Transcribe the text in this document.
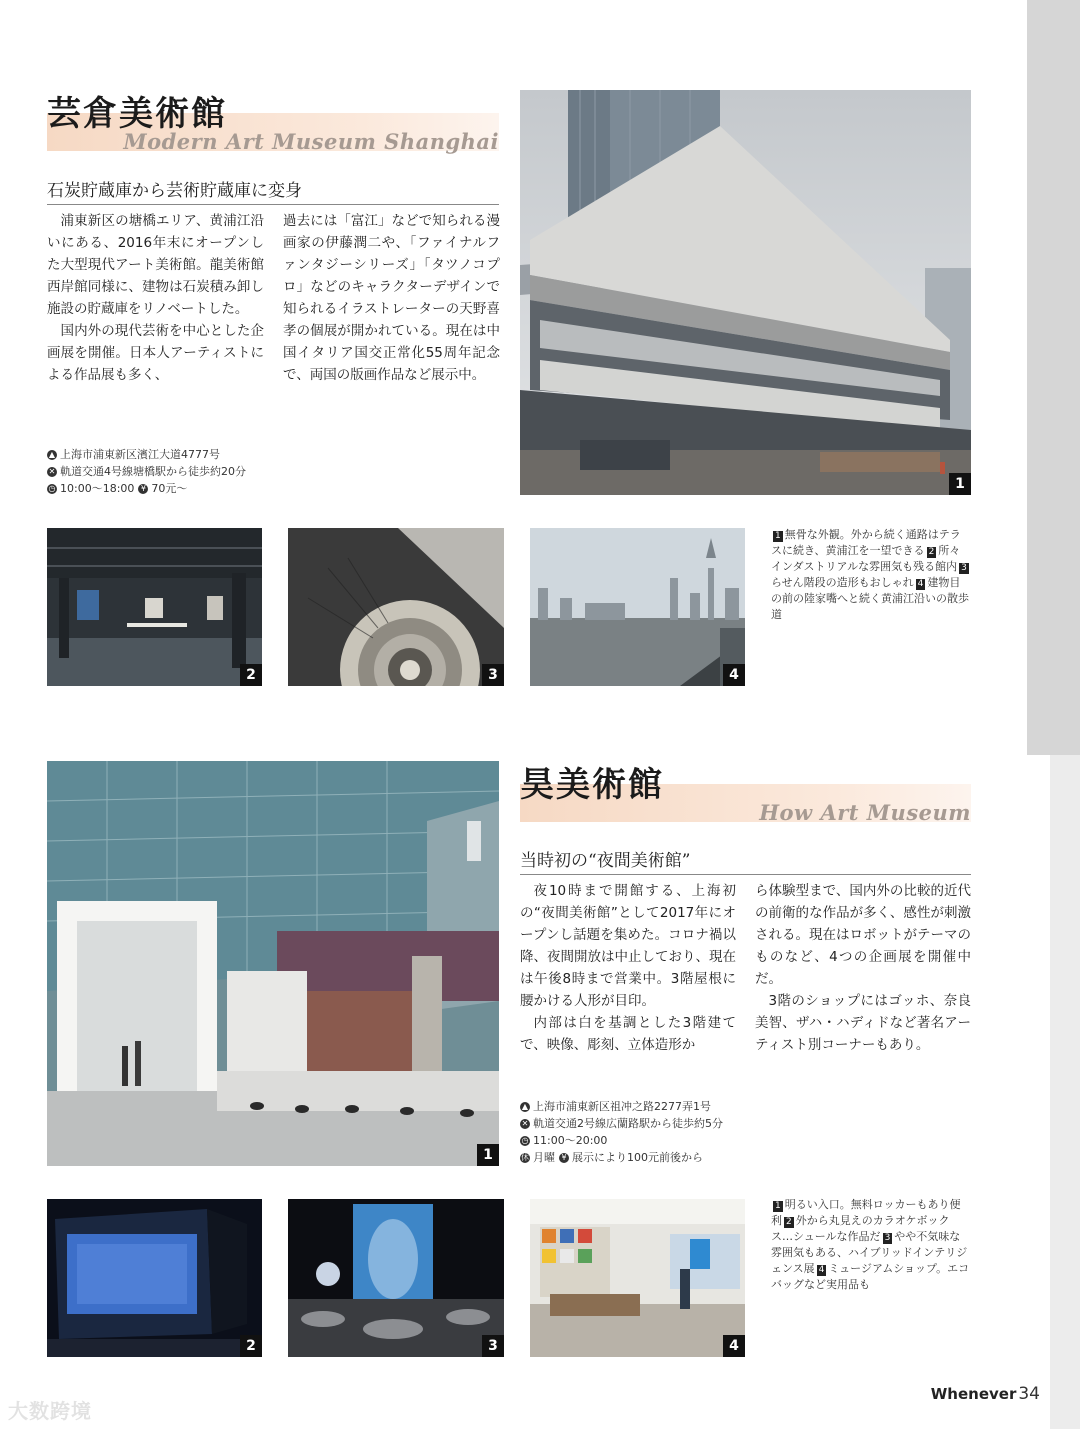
芸倉美術館
Modern Art Museum Shanghai
石炭貯蔵庫から芸術貯蔵庫に変身

浦東新区の塘橋エリア、黄浦江沿いにある、2016年末にオープンした大型現代アート美術館。龍美術館西岸館同様に、建物は石炭積み卸し施設の貯蔵庫をリノベートした。

国内外の現代芸術を中心とした企画展を開催。日本人アーティストによる作品展も多く、

過去には「富江」などで知られる漫画家の伊藤潤二や、「ファイナルファンタジーシリーズ」「タツノコプロ」などのキャラクターデザインで知られるイラストレーターの天野喜孝の個展が開かれている。現在は中国イタリア国交正常化55周年記念で、両国の版画作品など展示中。

▲ 上海市浦東新区濱江大道4777号
✕ 軌道交通4号線塘橋駅から徒歩約20分
◷ 10:00〜18:00 ¥ 70元〜	1
2	3	4
1 無骨な外観。外から続く通路はテラスに続き、黄浦江を一望できる 2 所々インダストリアルな雰囲気も残る館内 3らせん階段の造形もおしゃれ 4 建物目の前の陸家嘴へと続く黄浦江沿いの散歩道
1
昊美術館
How Art Museum
当時初の“夜間美術館”

夜10時まで開館する、上海初の“夜間美術館”として2017年にオープンし話題を集めた。コロナ禍以降、夜間開放は中止しており、現在は午後8時まで営業中。3階屋根に腰かける人形が目印。

内部は白を基調とした3階建てで、映像、彫刻、立体造形か

ら体験型まで、国内外の比較的近代の前衛的な作品が多く、感性が刺激される。現在はロボットがテーマのものなど、4つの企画展を開催中だ。

3階のショップにはゴッホ、奈良美智、ザハ・ハディドなど著名アーティスト別コーナーもあり。

▲ 上海市浦東新区祖冲之路2277弄1号
✕ 軌道交通2号線広蘭路駅から徒歩約5分
◷ 11:00〜20:00
休 月曜 ¥ 展示により100元前後から
2	3	4
1 明るい入口。無料ロッカーもあり便利 2 外から丸見えのカラオケボックス…シュールな作品だ 3 やや不気味な雰囲気もある、ハイブリッドインテリジェンス展 4 ミュージアムショップ。エコバッグなど実用品も
Whenever 34
大数跨境
